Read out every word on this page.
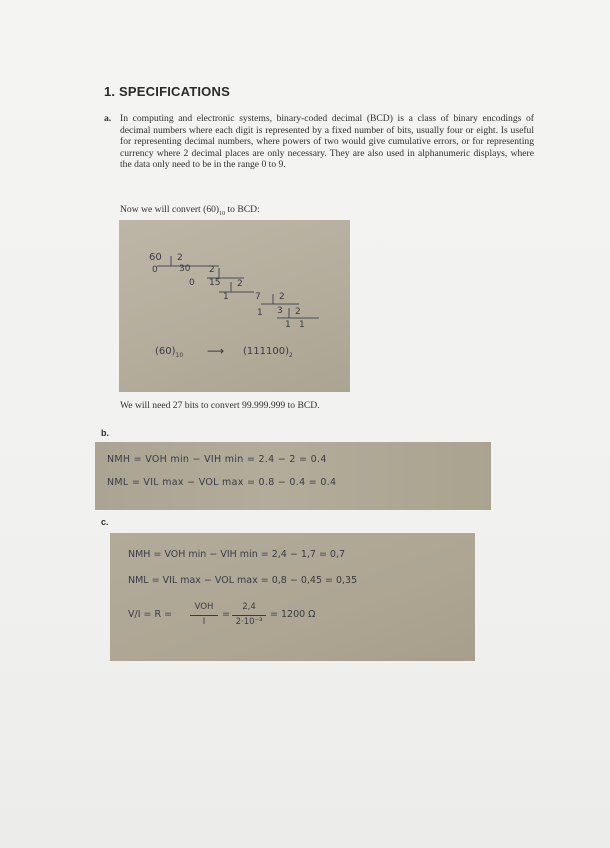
1. SPECIFICATIONS
a. In computing and electronic systems, binary-coded decimal (BCD) is a class of binary encodings of decimal numbers where each digit is represented by a fixed number of bits, usually four or eight. Is useful for representing decimal numbers, where powers of two would give cumulative errors, or for representing currency where 2 decimal places are only necessary. They are also used in alphanumeric displays, where the data only need to be in the range 0 to 9.
Now we will convert $(60)_{10}$ to BCD:
60 2
0 30 2
0 15 2
1	7 2
1 3 2
1 1
$(60)_{10}$ ⟶ $(111100)_2$
We will need 27 bits to convert 99.999.999 to BCD.
b.
NMH = VOH min − VIH min = 2.4 − 2 = 0.4
NML = VIL max − VOL max = 0.8 − 0.4 = 0.4
c.
NMH = VOH min − VIH min = 2,4 − 1,7 = 0,7
NML = VIL max − VOL max = 0,8 − 0,45 = 0,35
V/I = R =
VOH
I
=
2,4
2·10⁻³
= 1200 Ω
